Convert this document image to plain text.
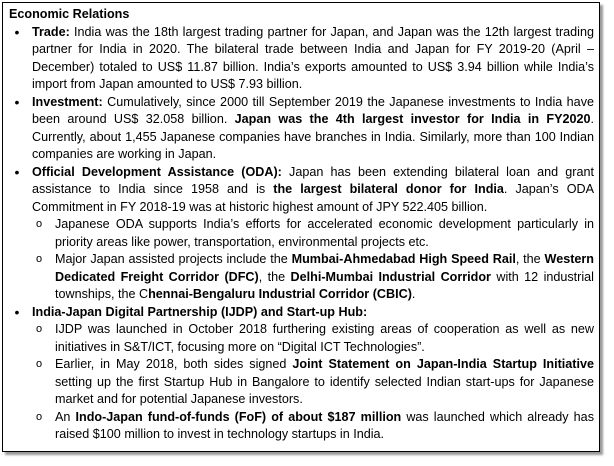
Economic Relations
• Trade: India was the 18th largest trading partner for Japan, and Japan was the 12th largest trading partner for India in 2020. The bilateral trade between India and Japan for FY 2019-20 (April – December) totaled to US$ 11.87 billion. India’s exports amounted to US$ 3.94 billion while India’s import from Japan amounted to US$ 7.93 billion.
• Investment: Cumulatively, since 2000 till September 2019 the Japanese investments to India have been around US$ 32.058 billion. Japan was the 4th largest investor for India in FY2020. Currently, about 1,455 Japanese companies have branches in India. Similarly, more than 100 Indian companies are working in Japan.
• Official Development Assistance (ODA): Japan has been extending bilateral loan and grant assistance to India since 1958 and is the largest bilateral donor for India. Japan’s ODA Commitment in FY 2018-19 was at historic highest amount of JPY 522.405 billion.
o Japanese ODA supports India’s efforts for accelerated economic development particularly in priority areas like power, transportation, environmental projects etc.
o Major Japan assisted projects include the Mumbai-Ahmedabad High Speed Rail, the Western Dedicated Freight Corridor (DFC), the Delhi-Mumbai Industrial Corridor with 12 industrial townships, the Chennai-Bengaluru Industrial Corridor (CBIC).
• India-Japan Digital Partnership (IJDP) and Start-up Hub:
o IJDP was launched in October 2018 furthering existing areas of cooperation as well as new initiatives in S&T/ICT, focusing more on “Digital ICT Technologies”.
o Earlier, in May 2018, both sides signed Joint Statement on Japan-India Startup Initiative setting up the first Startup Hub in Bangalore to identify selected Indian start-ups for Japanese market and for potential Japanese investors.
o An Indo-Japan fund-of-funds (FoF) of about $187 million was launched which already has raised $100 million to invest in technology startups in India.
